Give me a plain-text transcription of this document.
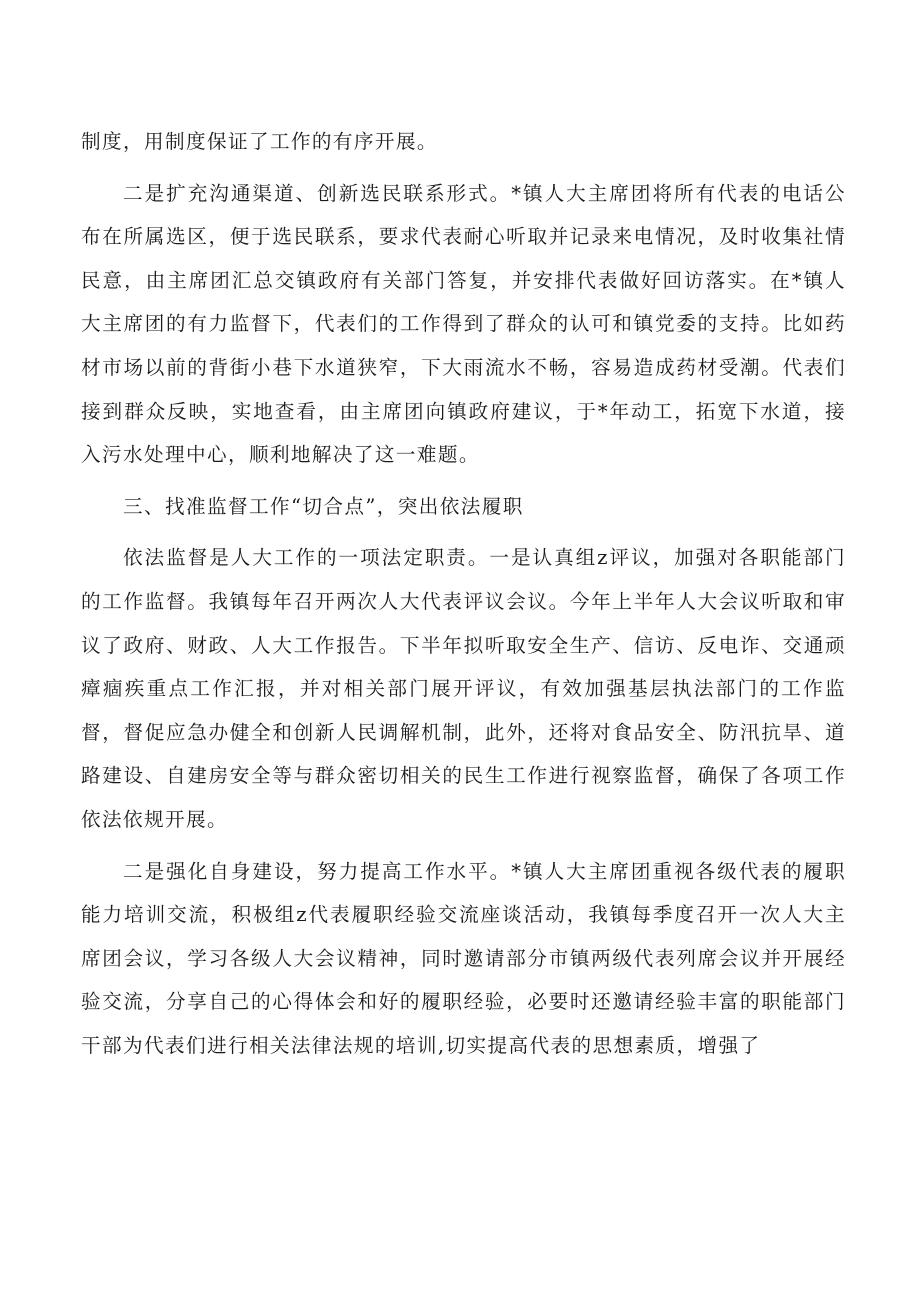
制度，用制度保证了工作的有序开展。

二是扩充沟通渠道、创新选民联系形式。*镇人大主席团将所有代表的电话公布在所属选区，便于选民联系，要求代表耐心听取并记录来电情况，及时收集社情民意，由主席团汇总交镇政府有关部门答复，并安排代表做好回访落实。在*镇人大主席团的有力监督下，代表们的工作得到了群众的认可和镇党委的支持。比如药材市场以前的背街小巷下水道狭窄，下大雨流水不畅，容易造成药材受潮。代表们接到群众反映，实地查看，由主席团向镇政府建议，于*年动工，拓宽下水道，接入污水处理中心，顺利地解决了这一难题。

三、找准监督工作“切合点”，突出依法履职

依法监督是人大工作的一项法定职责。一是认真组z评议，加强对各职能部门的工作监督。我镇每年召开两次人大代表评议会议。今年上半年人大会议听取和审议了政府、财政、人大工作报告。下半年拟听取安全生产、信访、反电诈、交通顽瘴痼疾重点工作汇报，并对相关部门展开评议，有效加强基层执法部门的工作监督，督促应急办健全和创新人民调解机制，此外，还将对食品安全、防汛抗旱、道路建设、自建房安全等与群众密切相关的民生工作进行视察监督，确保了各项工作依法依规开展。

二是强化自身建设，努力提高工作水平。*镇人大主席团重视各级代表的履职能力培训交流，积极组z代表履职经验交流座谈活动，我镇每季度召开一次人大主席团会议，学习各级人大会议精神，同时邀请部分市镇两级代表列席会议并开展经验交流，分享自己的心得体会和好的履职经验，必要时还邀请经验丰富的职能部门干部为代表们进行相关法律法规的培训,切实提高代表的思想素质，增强了
